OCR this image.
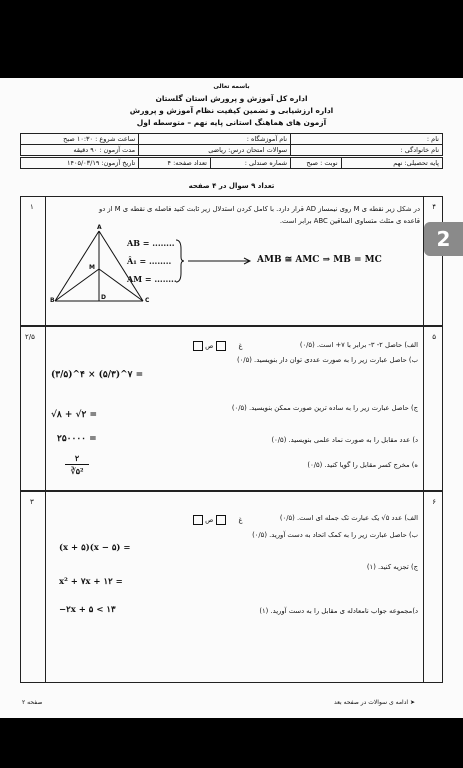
باسمه تعالی
اداره کل آموزش و پرورش استان گلستان
اداره ارزشیابی و تضمین کیفیت نظام آموزش و پرورش
آزمون های هماهنگ استانی پایه نهم – متوسطه اول
ساعت شروع : ۱۰:۳۰ صبح	نام آموزشگاه :	نام :
مدت آزمون : ۹۰ دقیقه	سوالات امتحان درس: ریاضی	نام خانوادگی :
تاریخ آزمون: ۱۴۰۵/۰۳/۱۹	تعداد صفحه: ۴	شماره صندلی :	نوبت : صبح	پایه تحصیلی: نهم
تعداد ۹ سوال در ۴ صفحه
۴
۱	در شکل زیر نقطه ی M روی نیمساز AD قرار دارد. با کامل کردن استدلال زیر ثابت کنید فاصله ی نقطه ی M از دو
قاعده ی مثلث متساوی الساقین ABC برابر است.
A
B	C
D
M
AB = ........
Â₁ = ........
AM = ........
AMB ≅ AMC ⇒ MB = MC
۵
۲/۵
الف) حاصل ۲- ۳- برابر با ۷+ است. (۰/۵)
غ       ص
ب) حاصل عبارت زیر را به صورت عددی توان دار بنویسید. (۰/۵)
(۳/۵)^۴ × (۵/۳)^۷ =
ج) حاصل عبارت زیر را به ساده ترین صورت ممکن بنویسید. (۰/۵)
√۸ + √۲ =
د) عدد مقابل را به صورت نماد علمی بنویسید. (۰/۵)
۲۵۰۰۰۰ =
ه) مخرج کسر مقابل را گویا کنید. (۰/۵)
۲
∛۵²
۶
۳
الف) عدد ۵√ یک عبارت تک جمله ای است. (۰/۵)
غ       ص
ب) حاصل عبارت زیر را به کمک اتحاد به دست آورید. (۰/۵)
(x + ۵)(x − ۵) =
ج) تجزیه کنید. (۱)
x² + ۷x + ۱۲ =
د)مجموعه جواب نامعادله ی مقابل را به دست آورید. (۱)
−۲x + ۵ < ۱۳
➤ ادامه ی سوالات در صفحه بعد
صفحه ۲
2
